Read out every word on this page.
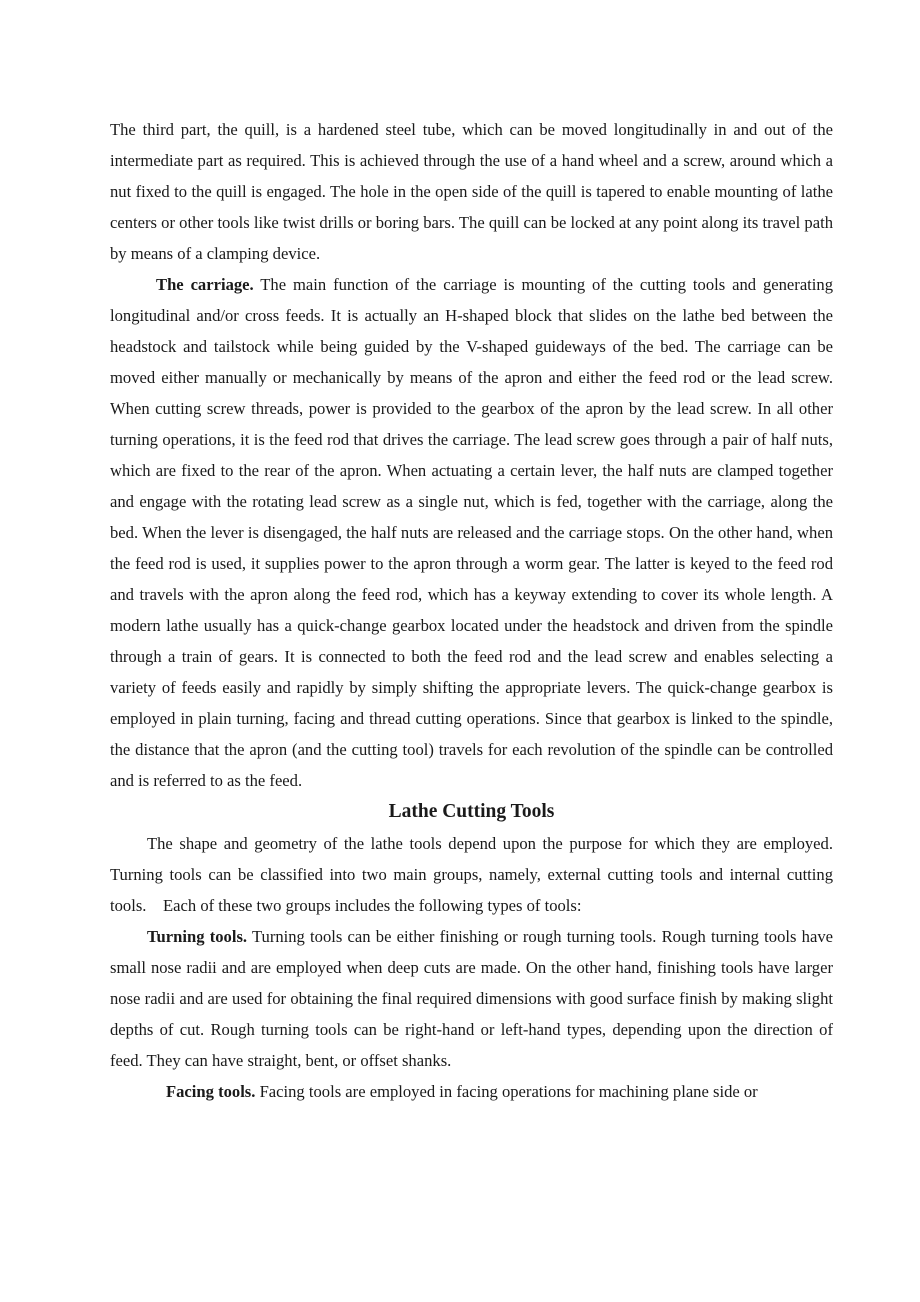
The third part, the quill, is a hardened steel tube, which can be moved longitudinally in and out of the intermediate part as required. This is achieved through the use of a hand wheel and a screw, around which a nut fixed to the quill is engaged. The hole in the open side of the quill is tapered to enable mounting of lathe centers or other tools like twist drills or boring bars. The quill can be locked at any point along its travel path by means of a clamping device.

The carriage. The main function of the carriage is mounting of the cutting tools and generating longitudinal and/or cross feeds. It is actually an H-shaped block that slides on the lathe bed between the headstock and tailstock while being guided by the V-shaped guideways of the bed. The carriage can be moved either manually or mechanically by means of the apron and either the feed rod or the lead screw. When cutting screw threads, power is provided to the gearbox of the apron by the lead screw. In all other turning operations, it is the feed rod that drives the carriage. The lead screw goes through a pair of half nuts, which are fixed to the rear of the apron. When actuating a certain lever, the half nuts are clamped together and engage with the rotating lead screw as a single nut, which is fed, together with the carriage, along the bed. When the lever is disengaged, the half nuts are released and the carriage stops. On the other hand, when the feed rod is used, it supplies power to the apron through a worm gear. The latter is keyed to the feed rod and travels with the apron along the feed rod, which has a keyway extending to cover its whole length. A modern lathe usually has a quick-change gearbox located under the headstock and driven from the spindle through a train of gears. It is connected to both the feed rod and the lead screw and enables selecting a variety of feeds easily and rapidly by simply shifting the appropriate levers. The quick-change gearbox is employed in plain turning, facing and thread cutting operations. Since that gearbox is linked to the spindle, the distance that the apron (and the cutting tool) travels for each revolution of the spindle can be controlled and is referred to as the feed.

Lathe Cutting Tools

The shape and geometry of the lathe tools depend upon the purpose for which they are employed. Turning tools can be classified into two main groups, namely, external cutting tools and internal cutting tools.    Each of these two groups includes the following types of tools:

Turning tools. Turning tools can be either finishing or rough turning tools. Rough turning tools have small nose radii and are employed when deep cuts are made. On the other hand, finishing tools have larger nose radii and are used for obtaining the final required dimensions with good surface finish by making slight depths of cut. Rough turning tools can be right-hand or left-hand types, depending upon the direction of feed. They can have straight, bent, or offset shanks.

Facing tools. Facing tools are employed in facing operations for machining plane side or
